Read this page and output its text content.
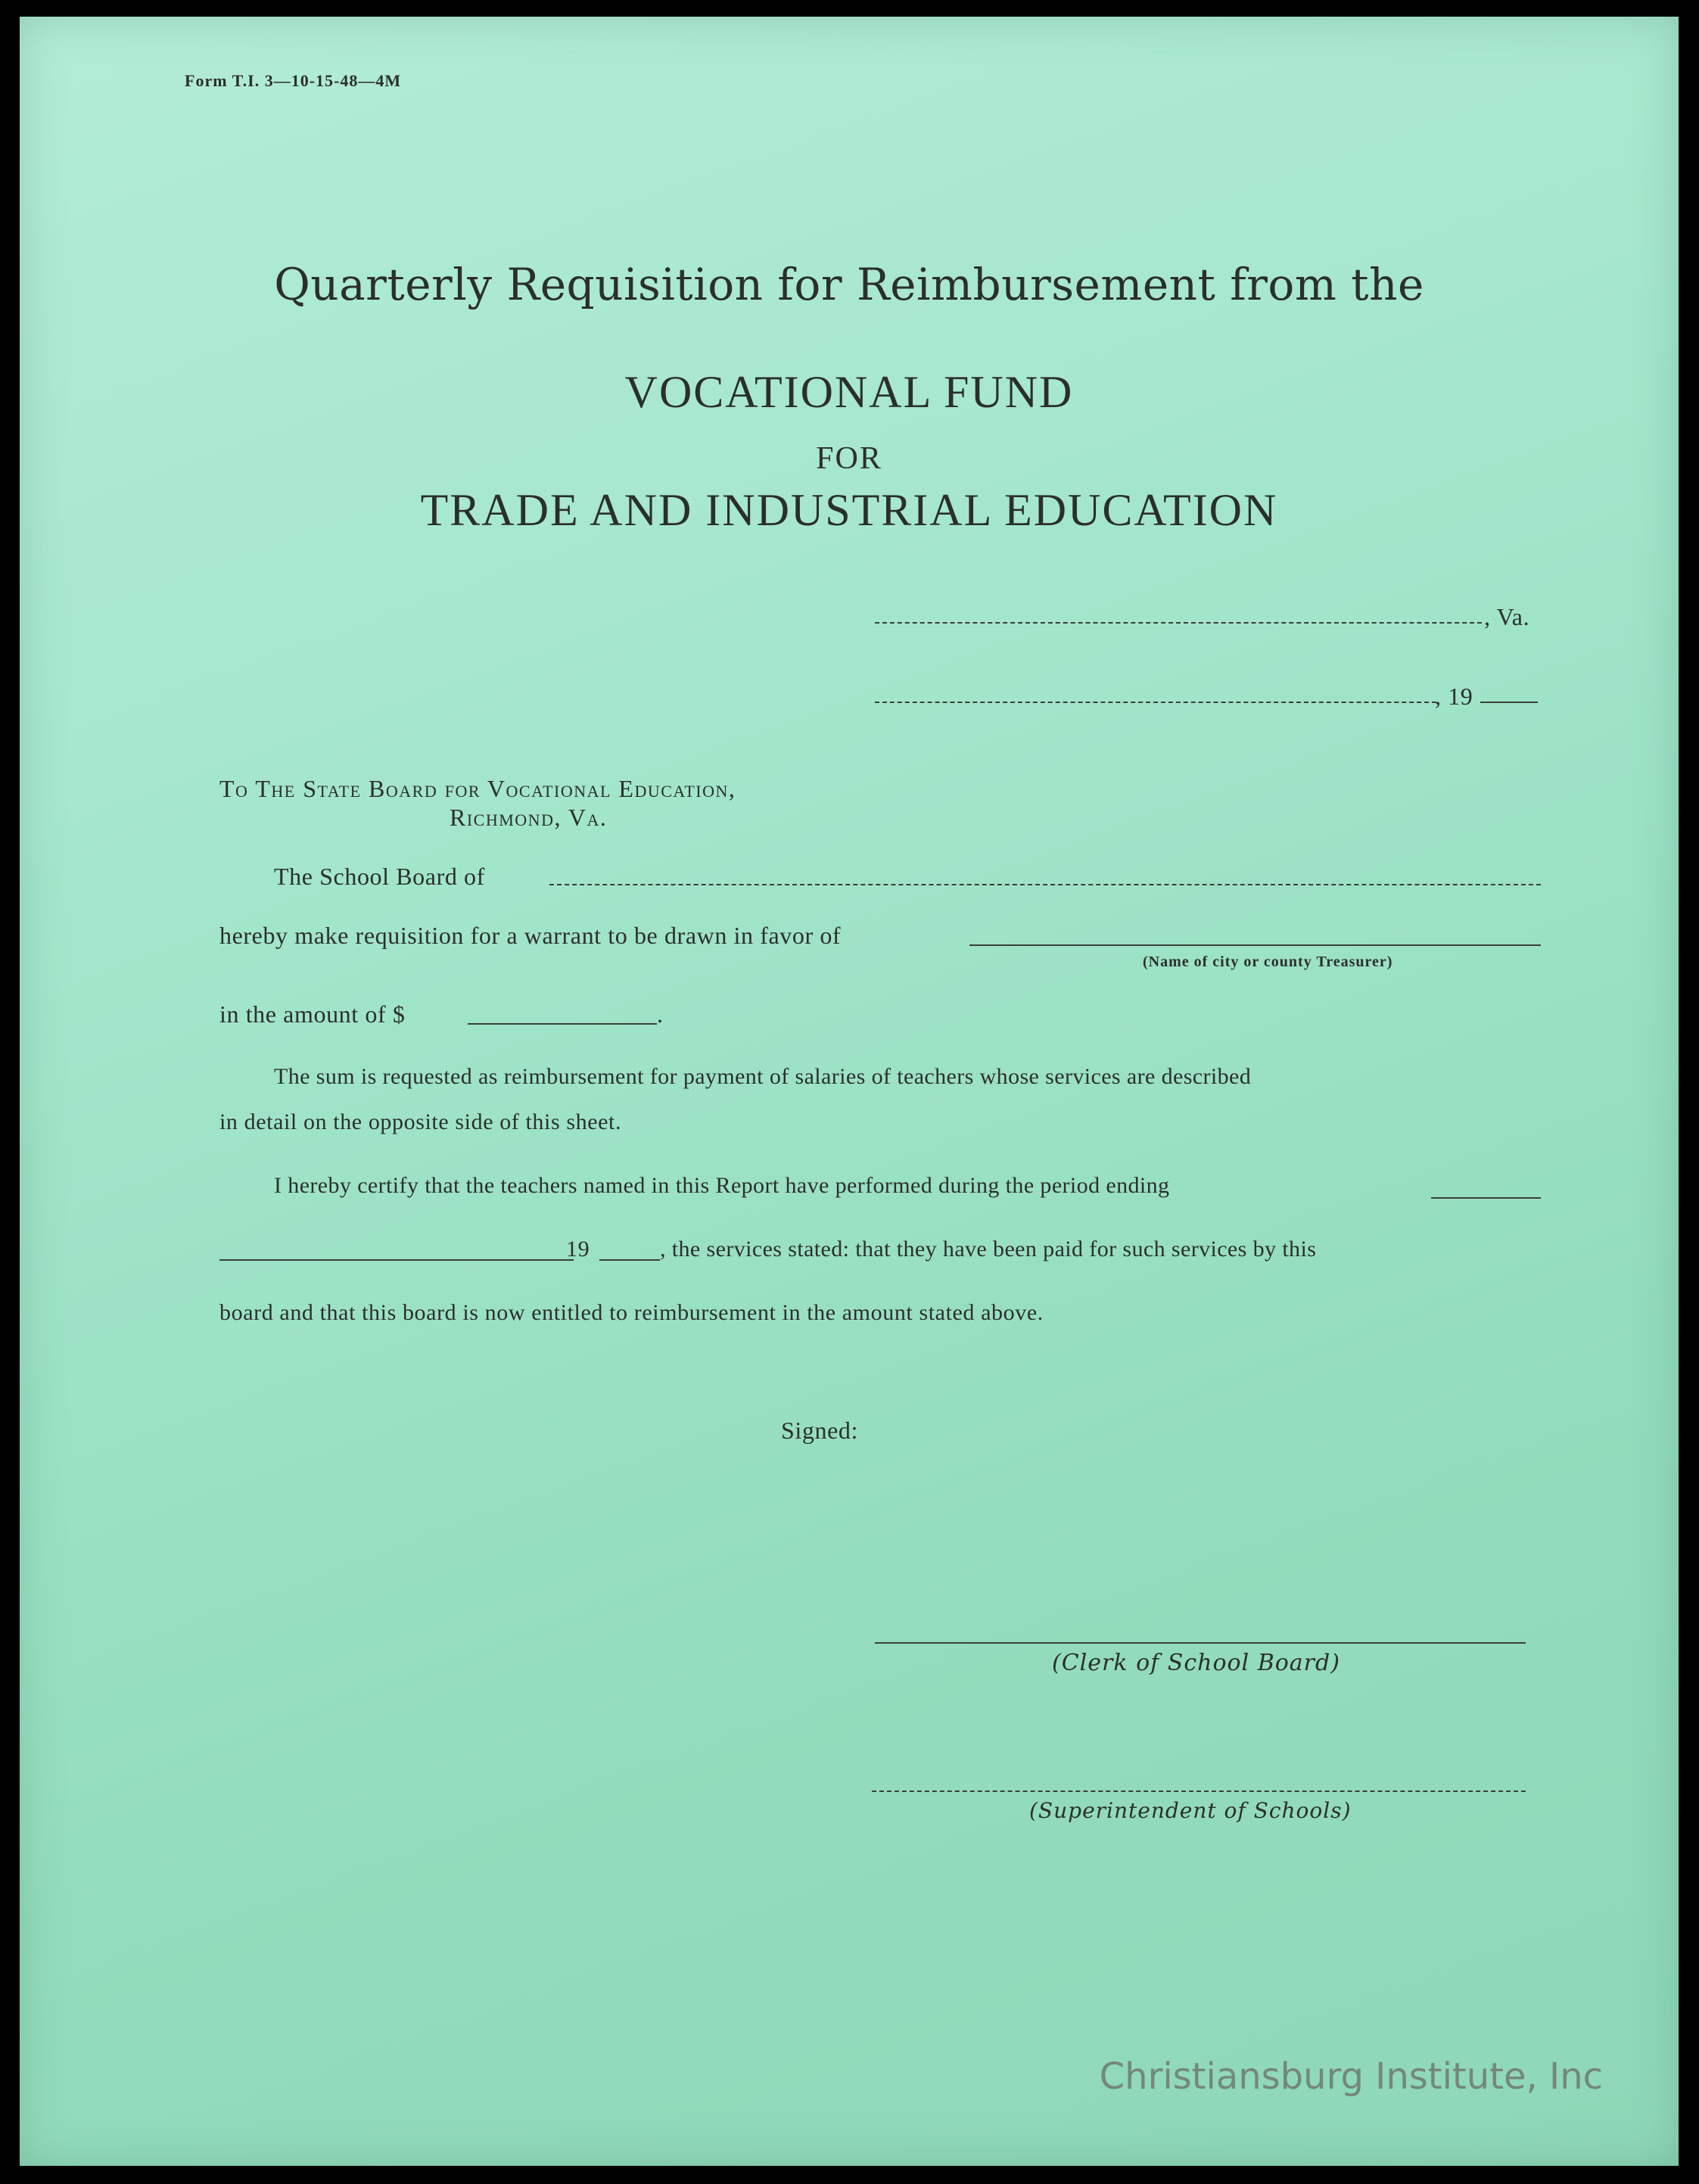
Form T.I. 3—10-15-48—4M
Quarterly Requisition for Reimbursement from the
VOCATIONAL FUND
FOR
TRADE AND INDUSTRIAL EDUCATION
, Va.
, 19
To The State Board for Vocational Education,
Richmond, Va.
The School Board of
hereby make requisition for a warrant to be drawn in favor of
(Name of city or county Treasurer)
in the amount of $	.
The sum is requested as reimbursement for payment of salaries of teachers whose services are described
in detail on the opposite side of this sheet.
I hereby certify that the teachers named in this Report have performed during the period ending
19	, the services stated: that they have been paid for such services by this
board and that this board is now entitled to reimbursement in the amount stated above.
Signed:
(Clerk of School Board)
(Superintendent of Schools)
Christiansburg Institute, Inc
